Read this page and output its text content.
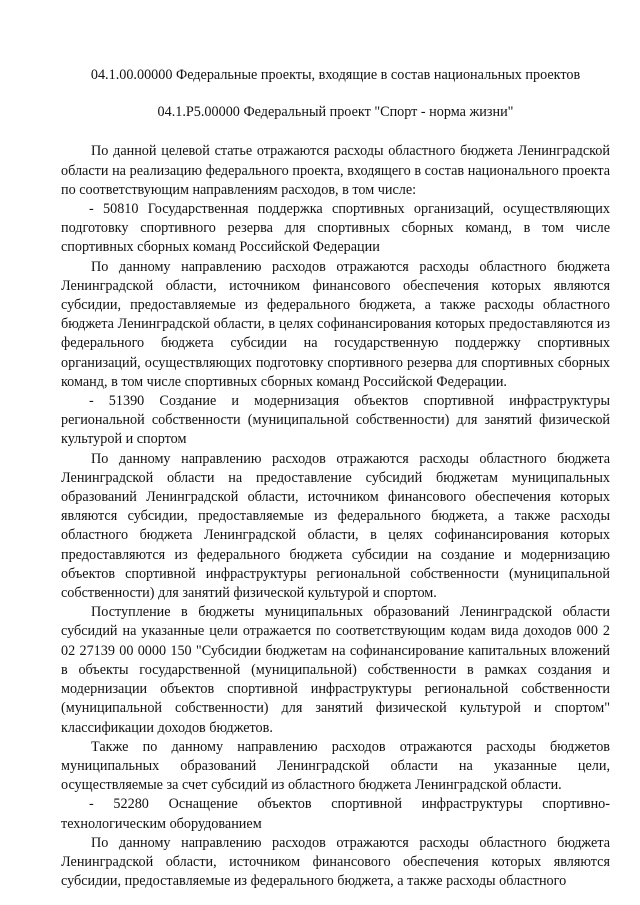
04.1.00.00000 Федеральные проекты, входящие в состав национальных проектов
04.1.P5.00000 Федеральный проект "Спорт - норма жизни"

По данной целевой статье отражаются расходы областного бюджета Ленинградской области на реализацию федерального проекта, входящего в состав национального проекта по соответствующим направлениям расходов, в том числе:

- 50810 Государственная поддержка спортивных организаций, осуществляющих подготовку спортивного резерва для спортивных сборных команд, в том числе спортивных сборных команд Российской Федерации

По данному направлению расходов отражаются расходы областного бюджета Ленинградской области, источником финансового обеспечения которых являются субсидии, предоставляемые из федерального бюджета, а также расходы областного бюджета Ленинградской области, в целях софинансирования которых предоставляются из федерального бюджета субсидии на государственную поддержку спортивных организаций, осуществляющих подготовку спортивного резерва для спортивных сборных команд, в том числе спортивных сборных команд Российской Федерации.

- 51390 Создание и модернизация объектов спортивной инфраструктуры региональной собственности (муниципальной собственности) для занятий физической культурой и спортом

По данному направлению расходов отражаются расходы областного бюджета Ленинградской области на предоставление субсидий бюджетам муниципальных образований Ленинградской области, источником финансового обеспечения которых являются субсидии, предоставляемые из федерального бюджета, а также расходы областного бюджета Ленинградской области, в целях софинансирования которых предоставляются из федерального бюджета субсидии на создание и модернизацию объектов спортивной инфраструктуры региональной собственности (муниципальной собственности) для занятий физической культурой и спортом.

Поступление в бюджеты муниципальных образований Ленинградской области субсидий на указанные цели отражается по соответствующим кодам вида доходов 000 2 02 27139 00 0000 150 "Субсидии бюджетам на софинансирование капитальных вложений в объекты государственной (муниципальной) собственности в рамках создания и модернизации объектов спортивной инфраструктуры региональной собственности (муниципальной собственности) для занятий физической культурой и спортом" классификации доходов бюджетов.

Также по данному направлению расходов отражаются расходы бюджетов муниципальных образований Ленинградской области на указанные цели, осуществляемые за счет субсидий из областного бюджета Ленинградской области.

- 52280 Оснащение объектов спортивной инфраструктуры спортивно-технологическим оборудованием

По данному направлению расходов отражаются расходы областного бюджета Ленинградской области, источником финансового обеспечения которых являются субсидии, предоставляемые из федерального бюджета, а также расходы областного
